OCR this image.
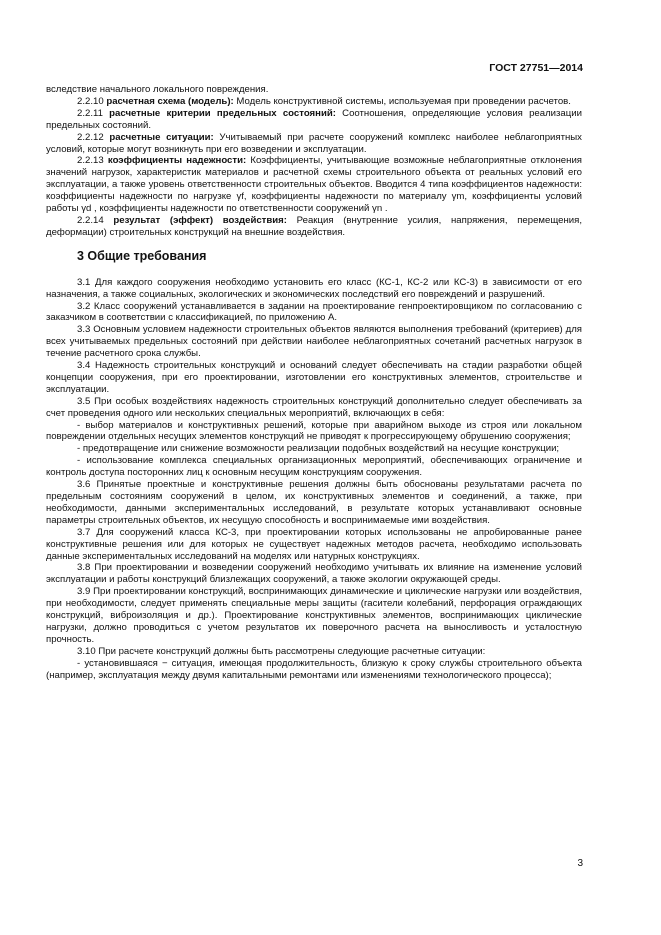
ГОСТ 27751—2014

вследствие начального локального повреждения.

2.2.10 расчетная схема (модель): Модель конструктивной системы, используемая при проведении расчетов.

2.2.11 расчетные критерии предельных состояний: Соотношения, определяющие условия реализации предельных состояний.

2.2.12 расчетные ситуации: Учитываемый при расчете сооружений комплекс наиболее неблагоприятных условий, которые могут возникнуть при его возведении и эксплуатации.

2.2.13 коэффициенты надежности: Коэффициенты, учитывающие возможные неблагоприятные отклонения значений нагрузок, характеристик материалов и расчетной схемы строительного объекта от реальных условий его эксплуатации, а также уровень ответственности строительных объектов. Вводится 4 типа коэффициентов надежности: коэффициенты надежности по нагрузке γf, коэффициенты надежности по материалу γm, коэффициенты условий работы γd , коэффициенты надежности по ответственности сооружений γn .

2.2.14 результат (эффект) воздействия: Реакция (внутренние усилия, напряжения, перемещения, деформации) строительных конструкций на внешние воздействия.

3 Общие требования

3.1 Для каждого сооружения необходимо установить его класс (КС-1, КС-2 или КС-3) в зависимости от его назначения, а также социальных, экологических и экономических последствий его повреждений и разрушений.

3.2 Класс сооружений устанавливается в задании на проектирование генпроектировщиком по согласованию с заказчиком в соответствии с классификацией, по приложению А.

3.3 Основным условием надежности строительных объектов являются выполнения требований (критериев) для всех учитываемых предельных состояний при действии наиболее неблагоприятных сочетаний расчетных нагрузок в течение расчетного срока службы.

3.4 Надежность строительных конструкций и оснований следует обеспечивать на стадии разработки общей концепции сооружения, при его проектировании, изготовлении его конструктивных элементов, строительстве и эксплуатации.

3.5 При особых воздействиях надежность строительных конструкций дополнительно следует обеспечивать за счет проведения одного или нескольких специальных мероприятий, включающих в себя:

- выбор материалов и конструктивных решений, которые при аварийном выходе из строя или локальном повреждении отдельных несущих элементов конструкций не приводят к прогрессирующему обрушению сооружения;

- предотвращение или снижение возможности реализации подобных воздействий на несущие конструкции;

- использование комплекса специальных организационных мероприятий, обеспечивающих ограничение и контроль доступа посторонних лиц к основным несущим конструкциям сооружения.

3.6 Принятые проектные и конструктивные решения должны быть обоснованы результатами расчета по предельным состояниям сооружений в целом, их конструктивных элементов и соединений, а также, при необходимости, данными экспериментальных исследований, в результате которых устанавливают основные параметры строительных объектов, их несущую способность и воспринимаемые ими воздействия.

3.7 Для сооружений класса КС-3, при проектировании которых использованы не апробированные ранее конструктивные решения или для которых не существует надежных методов расчета, необходимо использовать данные экспериментальных исследований на моделях или натурных конструкциях.

3.8 При проектировании и возведении сооружений необходимо учитывать их влияние на изменение условий эксплуатации и работы конструкций близлежащих сооружений, а также экологии окружающей среды.

3.9 При проектировании конструкций, воспринимающих динамические и циклические нагрузки или воздействия, при необходимости, следует применять специальные меры защиты (гасители колебаний, перфорация ограждающих конструкций, виброизоляция и др.). Проектирование конструктивных элементов, воспринимающих циклические нагрузки, должно проводиться с учетом результатов их поверочного расчета на выносливость и усталостную прочность.

3.10 При расчете конструкций должны быть рассмотрены следующие расчетные ситуации:

- установившаяся − ситуация, имеющая продолжительность, близкую к сроку службы строительного объекта (например, эксплуатация между двумя капитальными ремонтами или изменениями технологического процесса);

3
